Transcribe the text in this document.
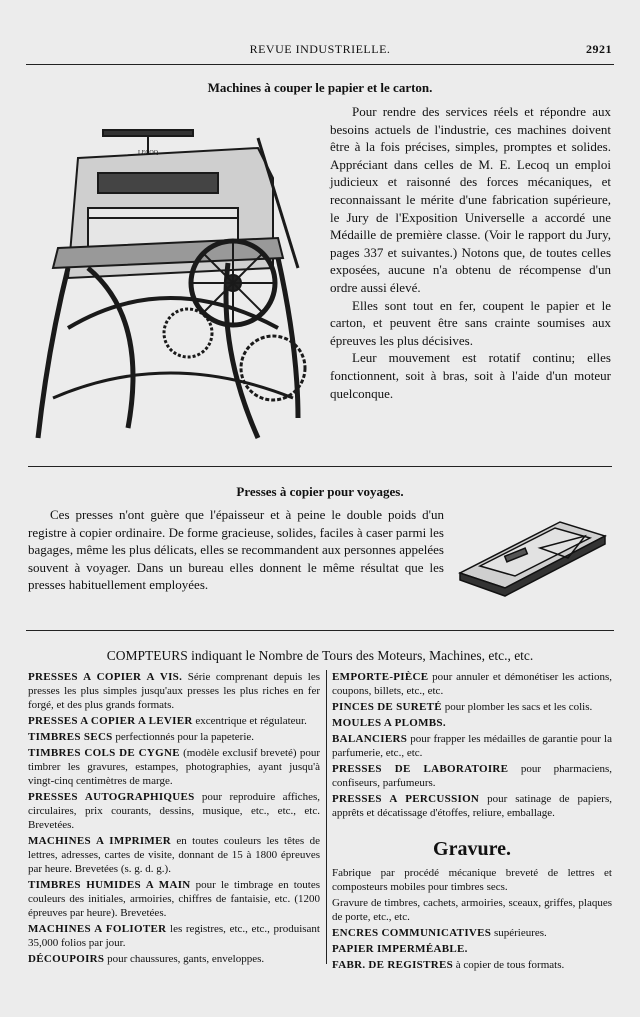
REVUE INDUSTRIELLE.	2921
Machines à couper le papier et le carton.
LECOQ

Pour rendre des services réels et répondre aux besoins actuels de l'industrie, ces machines doivent être à la fois précises, simples, promptes et solides. Appréciant dans celles de M. E. Lecoq un emploi judicieux et raisonné des forces mécaniques, et reconnaissant le mérite d'une fabrication supérieure, le Jury de l'Exposition Universelle a accordé une Médaille de première classe. (Voir le rapport du Jury, pages 337 et suivantes.) Notons que, de toutes celles exposées, aucune n'a obtenu de récompense d'un ordre aussi élevé.

Elles sont tout en fer, coupent le papier et le carton, et peuvent être sans crainte soumises aux épreuves les plus décisives.

Leur mouvement est rotatif continu; elles fonctionnent, soit à bras, soit à l'aide d'un moteur quelconque.

Presses à copier pour voyages.

Ces presses n'ont guère que l'épaisseur et à peine le double poids d'un registre à copier ordinaire. De forme gracieuse, solides, faciles à caser parmi les bagages, même les plus délicats, elles se recommandent aux personnes appelées souvent à voyager. Dans un bureau elles donnent le même résultat que les presses habituellement employées.

COMPTEURS indiquant le Nombre de Tours des Moteurs, Machines, etc., etc.

PRESSES A COPIER A VIS. Série comprenant depuis les presses les plus simples jusqu'aux presses les plus riches en fer forgé, et des plus grands formats.

PRESSES A COPIER A LEVIER excentrique et régulateur.

TIMBRES SECS perfectionnés pour la papeterie.

TIMBRES COLS DE CYGNE (modèle exclusif breveté) pour timbrer les gravures, estampes, photographies, ayant jusqu'à vingt-cinq centimètres de marge.

PRESSES AUTOGRAPHIQUES pour reproduire affiches, circulaires, prix courants, dessins, musique, etc., etc., etc. Brevetées.

MACHINES A IMPRIMER en toutes couleurs les têtes de lettres, adresses, cartes de visite, donnant de 15 à 1800 épreuves par heure. Brevetées (s. g. d. g.).

TIMBRES HUMIDES A MAIN pour le timbrage en toutes couleurs des initiales, armoiries, chiffres de fantaisie, etc. (1200 épreuves par heure). Brevetées.

MACHINES A FOLIOTER les registres, etc., etc., produisant 35,000 folios par jour.

DÉCOUPOIRS pour chaussures, gants, enveloppes.

EMPORTE-PIÈCE pour annuler et démonétiser les actions, coupons, billets, etc., etc.

PINCES DE SURETÉ pour plomber les sacs et les colis.

MOULES A PLOMBS.

BALANCIERS pour frapper les médailles de garantie pour la parfumerie, etc., etc.

PRESSES DE LABORATOIRE pour pharmaciens, confiseurs, parfumeurs.

PRESSES A PERCUSSION pour satinage de papiers, apprêts et décatissage d'étoffes, reliure, emballage.

Gravure.

Fabrique par procédé mécanique breveté de lettres et composteurs mobiles pour timbres secs.

Gravure de timbres, cachets, armoiries, sceaux, griffes, plaques de porte, etc., etc.

ENCRES COMMUNICATIVES supérieures.

PAPIER IMPERMÉABLE.

FABR. DE REGISTRES à copier de tous formats.
